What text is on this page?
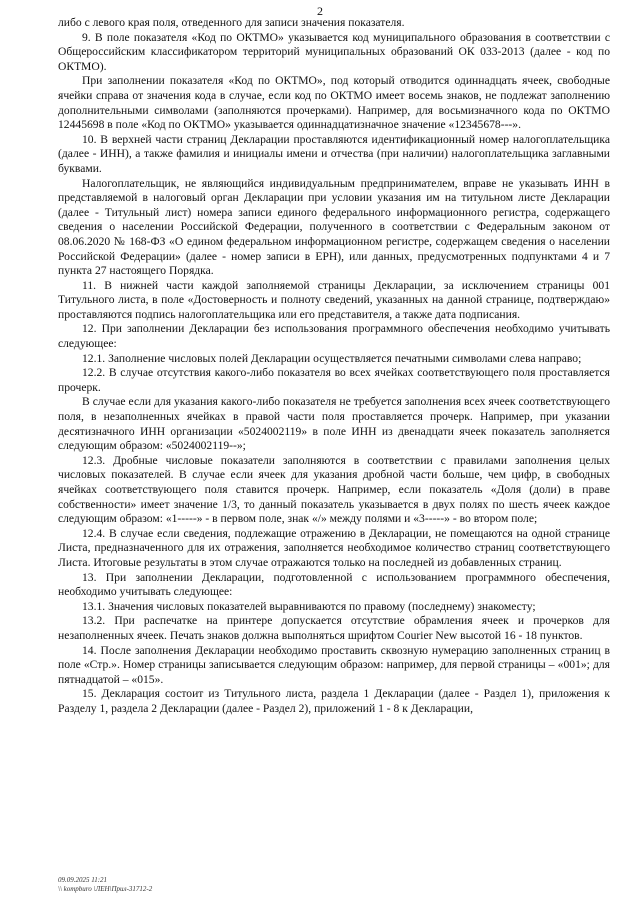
2

либо с левого края поля, отведенного для записи значения показателя.

9. В поле показателя «Код по ОКТМО» указывается код муниципального образования в соответствии с Общероссийским классификатором территорий муниципальных образований ОК 033-2013 (далее - код по ОКТМО).

При заполнении показателя «Код по ОКТМО», под который отводится одиннадцать ячеек, свободные ячейки справа от значения кода в случае, если код по ОКТМО имеет восемь знаков, не подлежат заполнению дополнительными символами (заполняются прочерками). Например, для восьмизначного кода по ОКТМО 12445698 в поле «Код по ОКТМО» указывается одиннадцатизначное значение «12345678---».

10. В верхней части страниц Декларации проставляются идентификационный номер налогоплательщика (далее - ИНН), а также фамилия и инициалы имени и отчества (при наличии) налогоплательщика заглавными буквами.

Налогоплательщик, не являющийся индивидуальным предпринимателем, вправе не указывать ИНН в представляемой в налоговый орган Декларации при условии указания им на титульном листе Декларации (далее - Титульный лист) номера записи единого федерального информационного регистра, содержащего сведения о населении Российской Федерации, полученного в соответствии с Федеральным законом от 08.06.2020 № 168-ФЗ «О едином федеральном информационном регистре, содержащем сведения о населении Российской Федерации» (далее - номер записи в ЕРН), или данных, предусмотренных подпунктами 4 и 7 пункта 27 настоящего Порядка.

11. В нижней части каждой заполняемой страницы Декларации, за исключением страницы 001 Титульного листа, в поле «Достоверность и полноту сведений, указанных на данной странице, подтверждаю» проставляются подпись налогоплательщика или его представителя, а также дата подписания.

12. При заполнении Декларации без использования программного обеспечения необходимо учитывать следующее:

12.1. Заполнение числовых полей Декларации осуществляется печатными символами слева направо;

12.2. В случае отсутствия какого-либо показателя во всех ячейках соответствующего поля проставляется прочерк.

В случае если для указания какого-либо показателя не требуется заполнения всех ячеек соответствующего поля, в незаполненных ячейках в правой части поля проставляется прочерк. Например, при указании десятизначного ИНН организации «5024002119» в поле ИНН из двенадцати ячеек показатель заполняется следующим образом: «5024002119--»;

12.3. Дробные числовые показатели заполняются в соответствии с правилами заполнения целых числовых показателей. В случае если ячеек для указания дробной части больше, чем цифр, в свободных ячейках соответствующего поля ставится прочерк. Например, если показатель «Доля (доли) в праве собственности» имеет значение 1/3, то данный показатель указывается в двух полях по шесть ячеек каждое следующим образом: «1-----» - в первом поле, знак «/» между полями и «3-----» - во втором поле;

12.4. В случае если сведения, подлежащие отражению в Декларации, не помещаются на одной странице Листа, предназначенного для их отражения, заполняется необходимое количество страниц соответствующего Листа. Итоговые результаты в этом случае отражаются только на последней из добавленных страниц.

13. При заполнении Декларации, подготовленной с использованием программного обеспечения, необходимо учитывать следующее:

13.1. Значения числовых показателей выравниваются по правому (последнему) знакоместу;

13.2. При распечатке на принтере допускается отсутствие обрамления ячеек и прочерков для незаполненных ячеек. Печать знаков должна выполняться шрифтом Courier New высотой 16 - 18 пунктов.

14. После заполнения Декларации необходимо проставить сквозную нумерацию заполненных страниц в поле «Стр.». Номер страницы записывается следующим образом: например, для первой страницы – «001»; для пятнадцатой – «015».

15. Декларация состоит из Титульного листа, раздела 1 Декларации (далее - Раздел 1), приложения к Разделу 1, раздела 2 Декларации (далее - Раздел 2), приложений 1 - 8 к Декларации,

09.09.2025 11:21
\\ kompburo \ЛЕН\Прил-31712-2
